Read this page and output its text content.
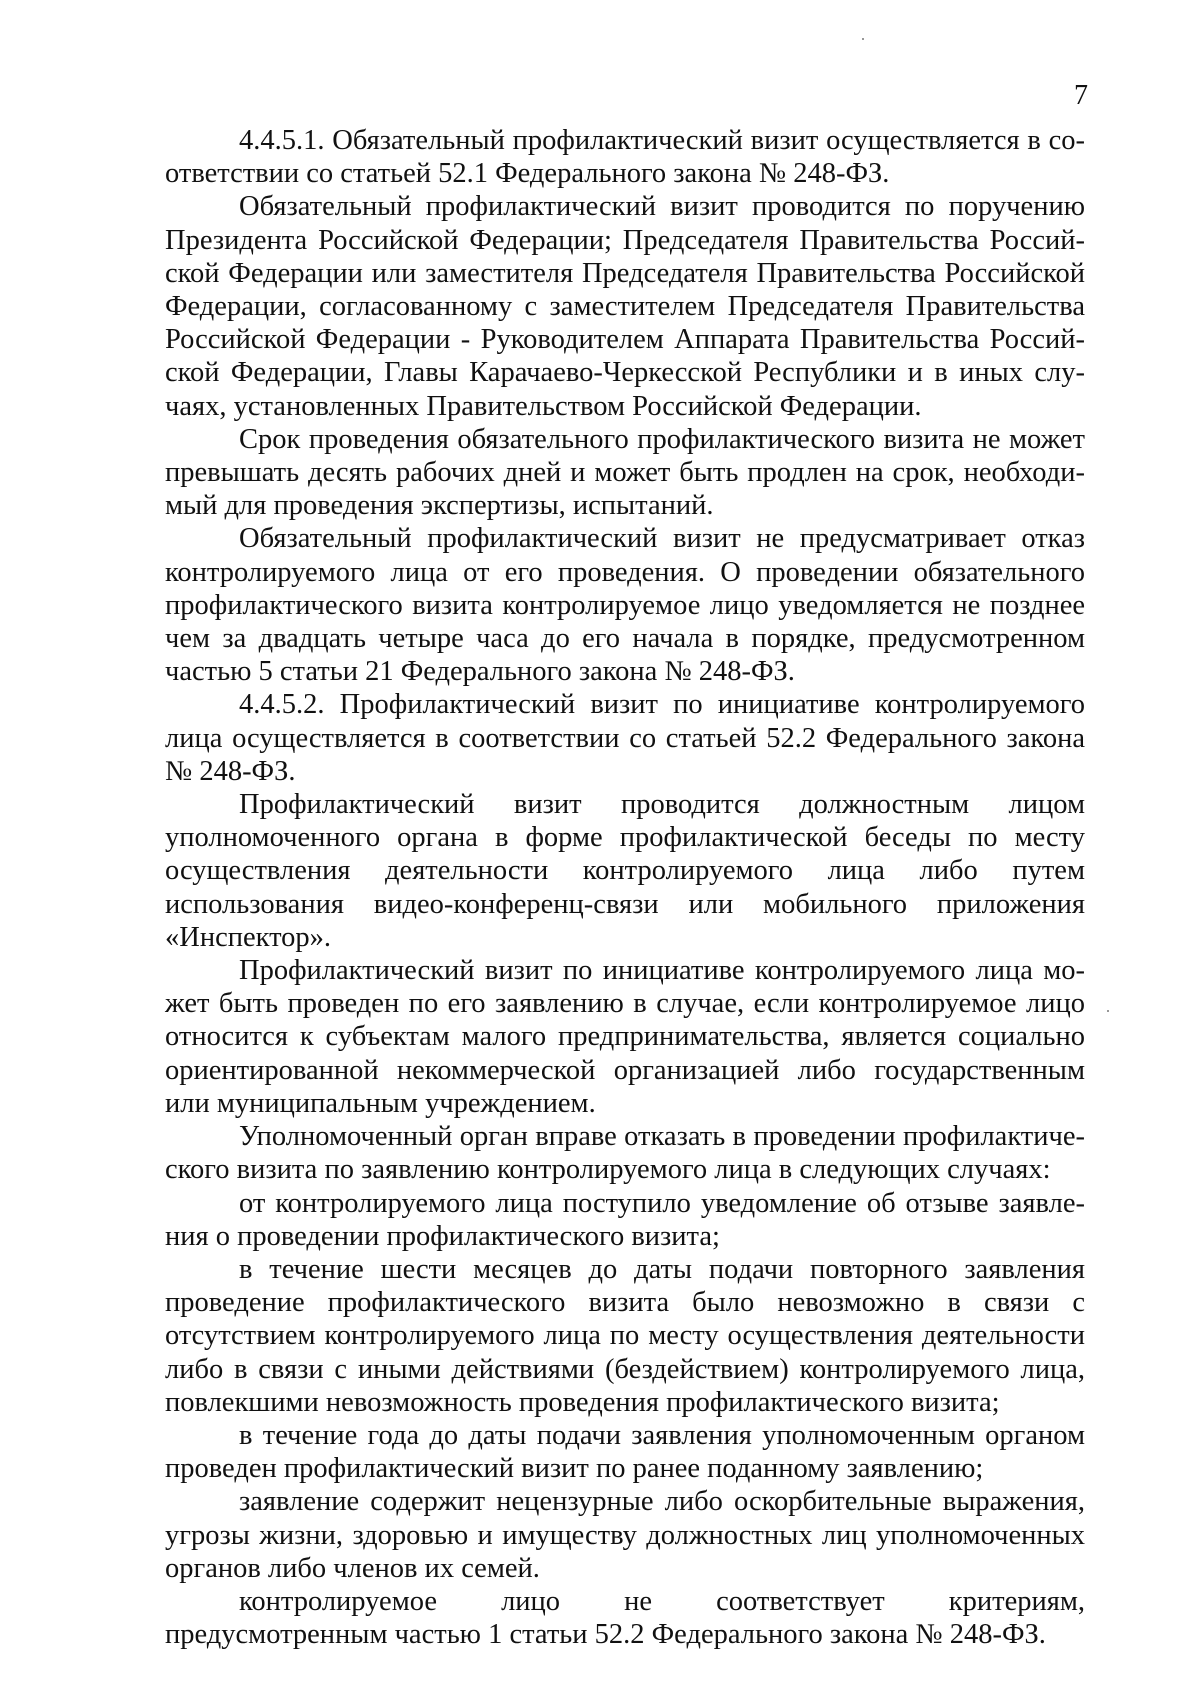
7

4.4.5.1. Обязательный профилактический визит осуществляется в соответствии со статьей 52.1 Федерального закона № 248-ФЗ.

Обязательный профилактический визит проводится по поручению Президента Российской Федерации; Председателя Правительства Российской Федерации или заместителя Председателя Правительства Российской Федерации, согласованному с заместителем Председателя Правительства Российской Федерации - Руководителем Аппарата Правительства Российской Федерации, Главы Карачаево-Черкесской Республики и в иных случаях, установленных Правительством Российской Федерации.

Срок проведения обязательного профилактического визита не может превышать десять рабочих дней и может быть продлен на срок, необходимый для проведения экспертизы, испытаний.

Обязательный профилактический визит не предусматривает отказ контролируемого лица от его проведения. О проведении обязательного профилактического визита контролируемое лицо уведомляется не позднее чем за двадцать четыре часа до его начала в порядке, предусмотренном частью 5 статьи 21 Федерального закона № 248-ФЗ.

4.4.5.2. Профилактический визит по инициативе контролируемого лица осуществляется в соответствии со статьей 52.2 Федерального закона № 248-ФЗ.

Профилактический визит проводится должностным лицом уполномоченного органа в форме профилактической беседы по месту осуществления деятельности контролируемого лица либо путем использования видео-конференц-связи или мобильного приложения «Инспектор».

Профилактический визит по инициативе контролируемого лица может быть проведен по его заявлению в случае, если контролируемое лицо относится к субъектам малого предпринимательства, является социально ориентированной некоммерческой организацией либо государственным или муниципальным учреждением.

Уполномоченный орган вправе отказать в проведении профилактического визита по заявлению контролируемого лица в следующих случаях:

от контролируемого лица поступило уведомление об отзыве заявления о проведении профилактического визита;

в течение шести месяцев до даты подачи повторного заявления проведение профилактического визита было невозможно в связи с отсутствием контролируемого лица по месту осуществления деятельности либо в связи с иными действиями (бездействием) контролируемого лица, повлекшими невозможность проведения профилактического визита;

в течение года до даты подачи заявления уполномоченным органом проведен профилактический визит по ранее поданному заявлению;

заявление содержит нецензурные либо оскорбительные выражения, угрозы жизни, здоровью и имуществу должностных лиц уполномоченных органов либо членов их семей.

контролируемое лицо не соответствует критериям, предусмотренным частью 1 статьи 52.2 Федерального закона № 248-ФЗ.
